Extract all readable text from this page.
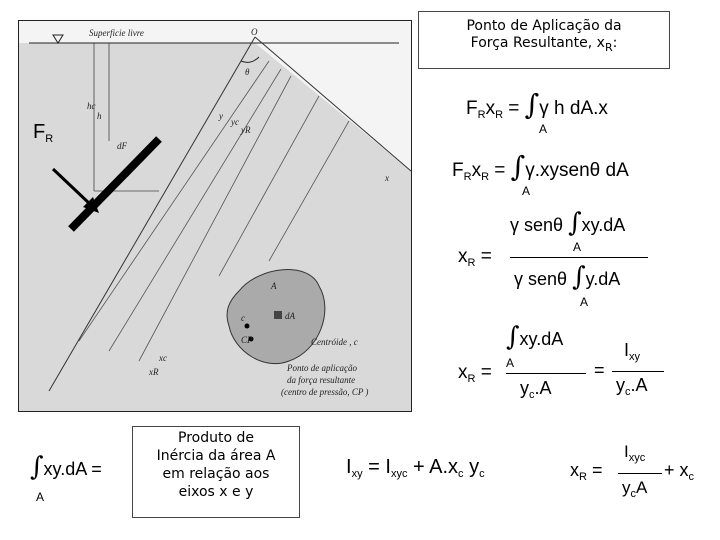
Superficie livre	O
θ
h
hc
y
yc
yR
x
dF
A
dA
c
CP
xc
xR
Centróide , c
Ponto de aplicação
da força resultante
(centro de pressão, CP )
$F_R$
Ponto de Aplicação da
Força Resultante, $x_R$:
$F_Rx_R = \int\gamma$ h dA.x
A
$F_Rx_R$ = ∫γ.xysenθ dA
A
$x_R$ =
γ senθ ∫xy.dA
A
γ senθ ∫y.dA
A
$x_R$ =
∫xy.dA
A
$y_c.A$
=
$I_{xy}$
$y_c.A$
∫xy.dA =
A
Produto de
Inércia da área A
em relação aos
eixos x e y
$I_{xy} = I_{xyc} + A.x_c$ $y_c$	$x_R$ =
$I_{xyc}$
$y_cA$
+ $x_c$
